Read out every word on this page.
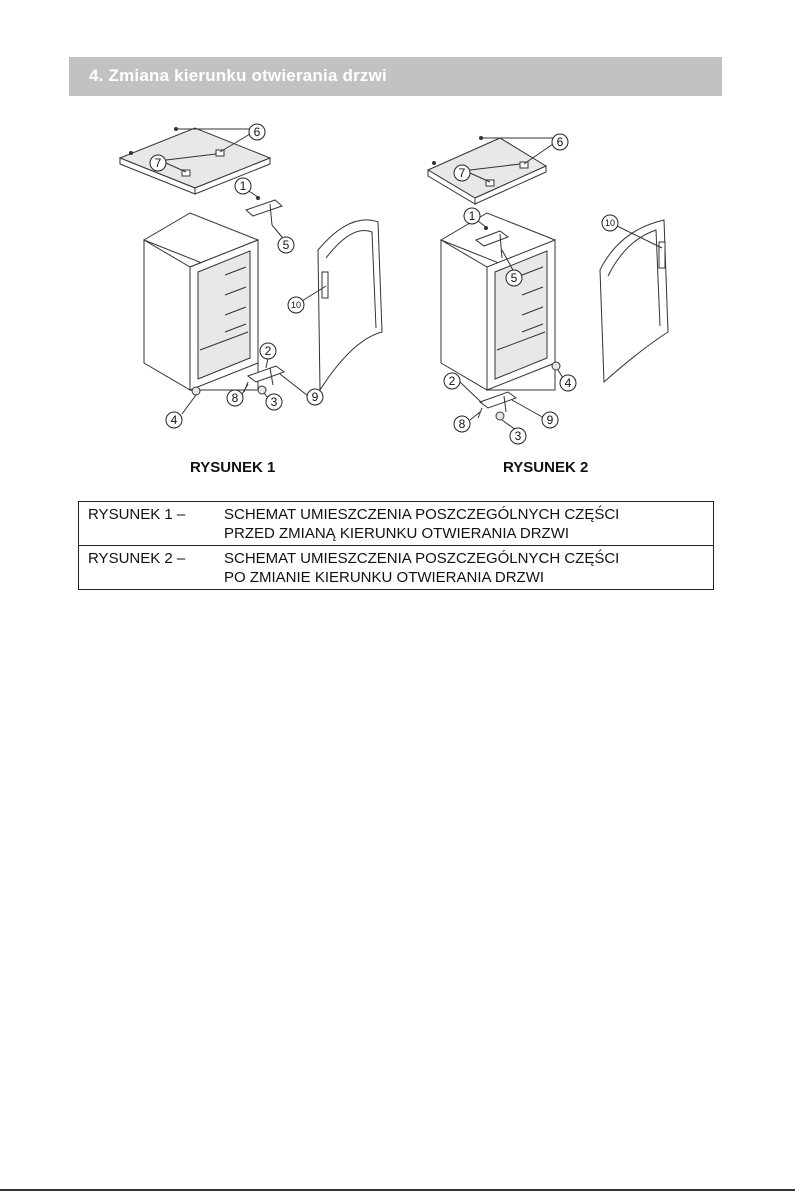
4. Zmiana kierunku otwierania drzwi
6
7
1
5
10
2
8	3	9
4
6
7
1
5
10
2
8
3
9
4
RYSUNEK 1	RYSUNEK 2
RYSUNEK 1 –	SCHEMAT UMIESZCZENIA POSZCZEGÓLNYCH CZĘŚCI
PRZED ZMIANĄ KIERUNKU OTWIERANIA DRZWI
RYSUNEK 2 –	SCHEMAT UMIESZCZENIA POSZCZEGÓLNYCH CZĘŚCI
PO ZMIANIE KIERUNKU OTWIERANIA DRZWI
